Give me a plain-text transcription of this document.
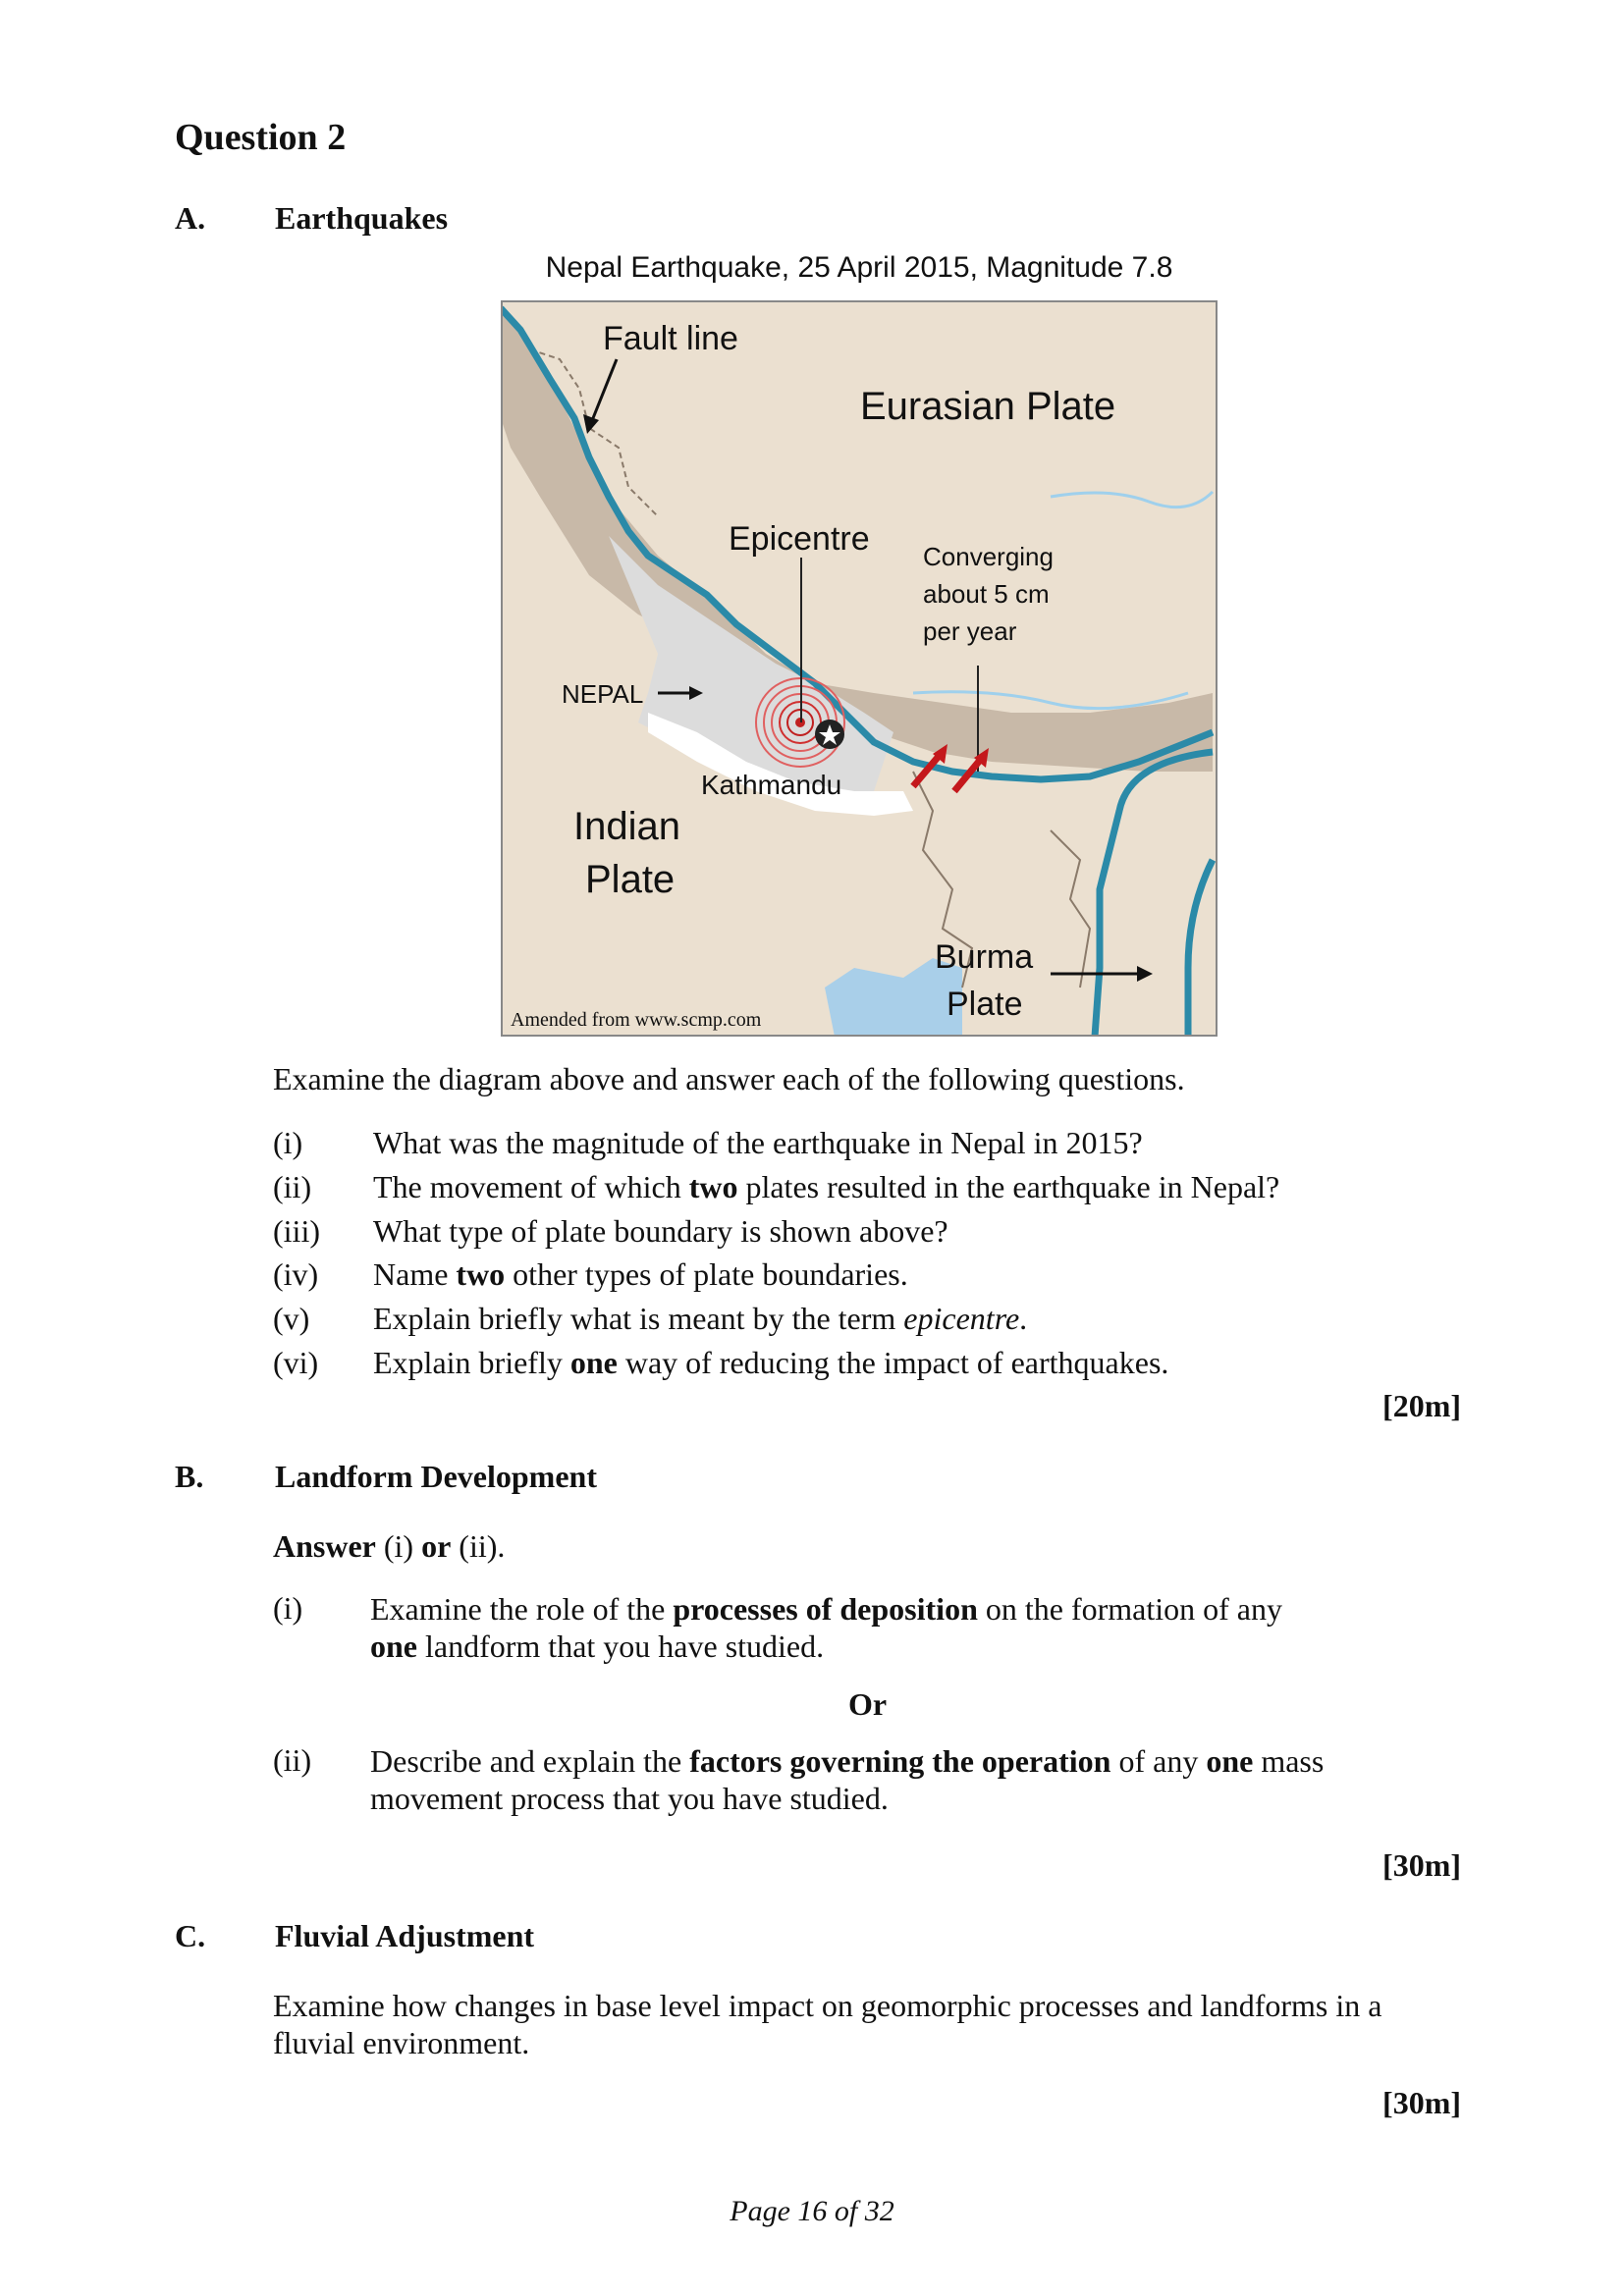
Question 2
A. Earthquakes
Nepal Earthquake, 25 April 2015, Magnitude 7.8
Fault line
Eurasian Plate
Epicentre Converging
about 5 cm
per year
NEPAL
Kathmandu
Indian
Plate
Burma
Plate
Amended from www.scmp.com
Examine the diagram above and answer each of the following questions.
(i) What was the magnitude of the earthquake in Nepal in 2015?
(ii) The movement of which two plates resulted in the earthquake in Nepal?
(iii) What type of plate boundary is shown above?
(iv) Name two other types of plate boundaries.
(v) Explain briefly what is meant by the term epicentre.
(vi) Explain briefly one way of reducing the impact of earthquakes.
[20m]
B. Landform Development
Answer (i) or (ii).
(i) Examine the role of the processes of deposition on the formation of any
one landform that you have studied.
Or
(ii) Describe and explain the factors governing the operation of any one mass
movement process that you have studied.
[30m]
C. Fluvial Adjustment
Examine how changes in base level impact on geomorphic processes and landforms in a
fluvial environment.
[30m]
Page 16 of 32
